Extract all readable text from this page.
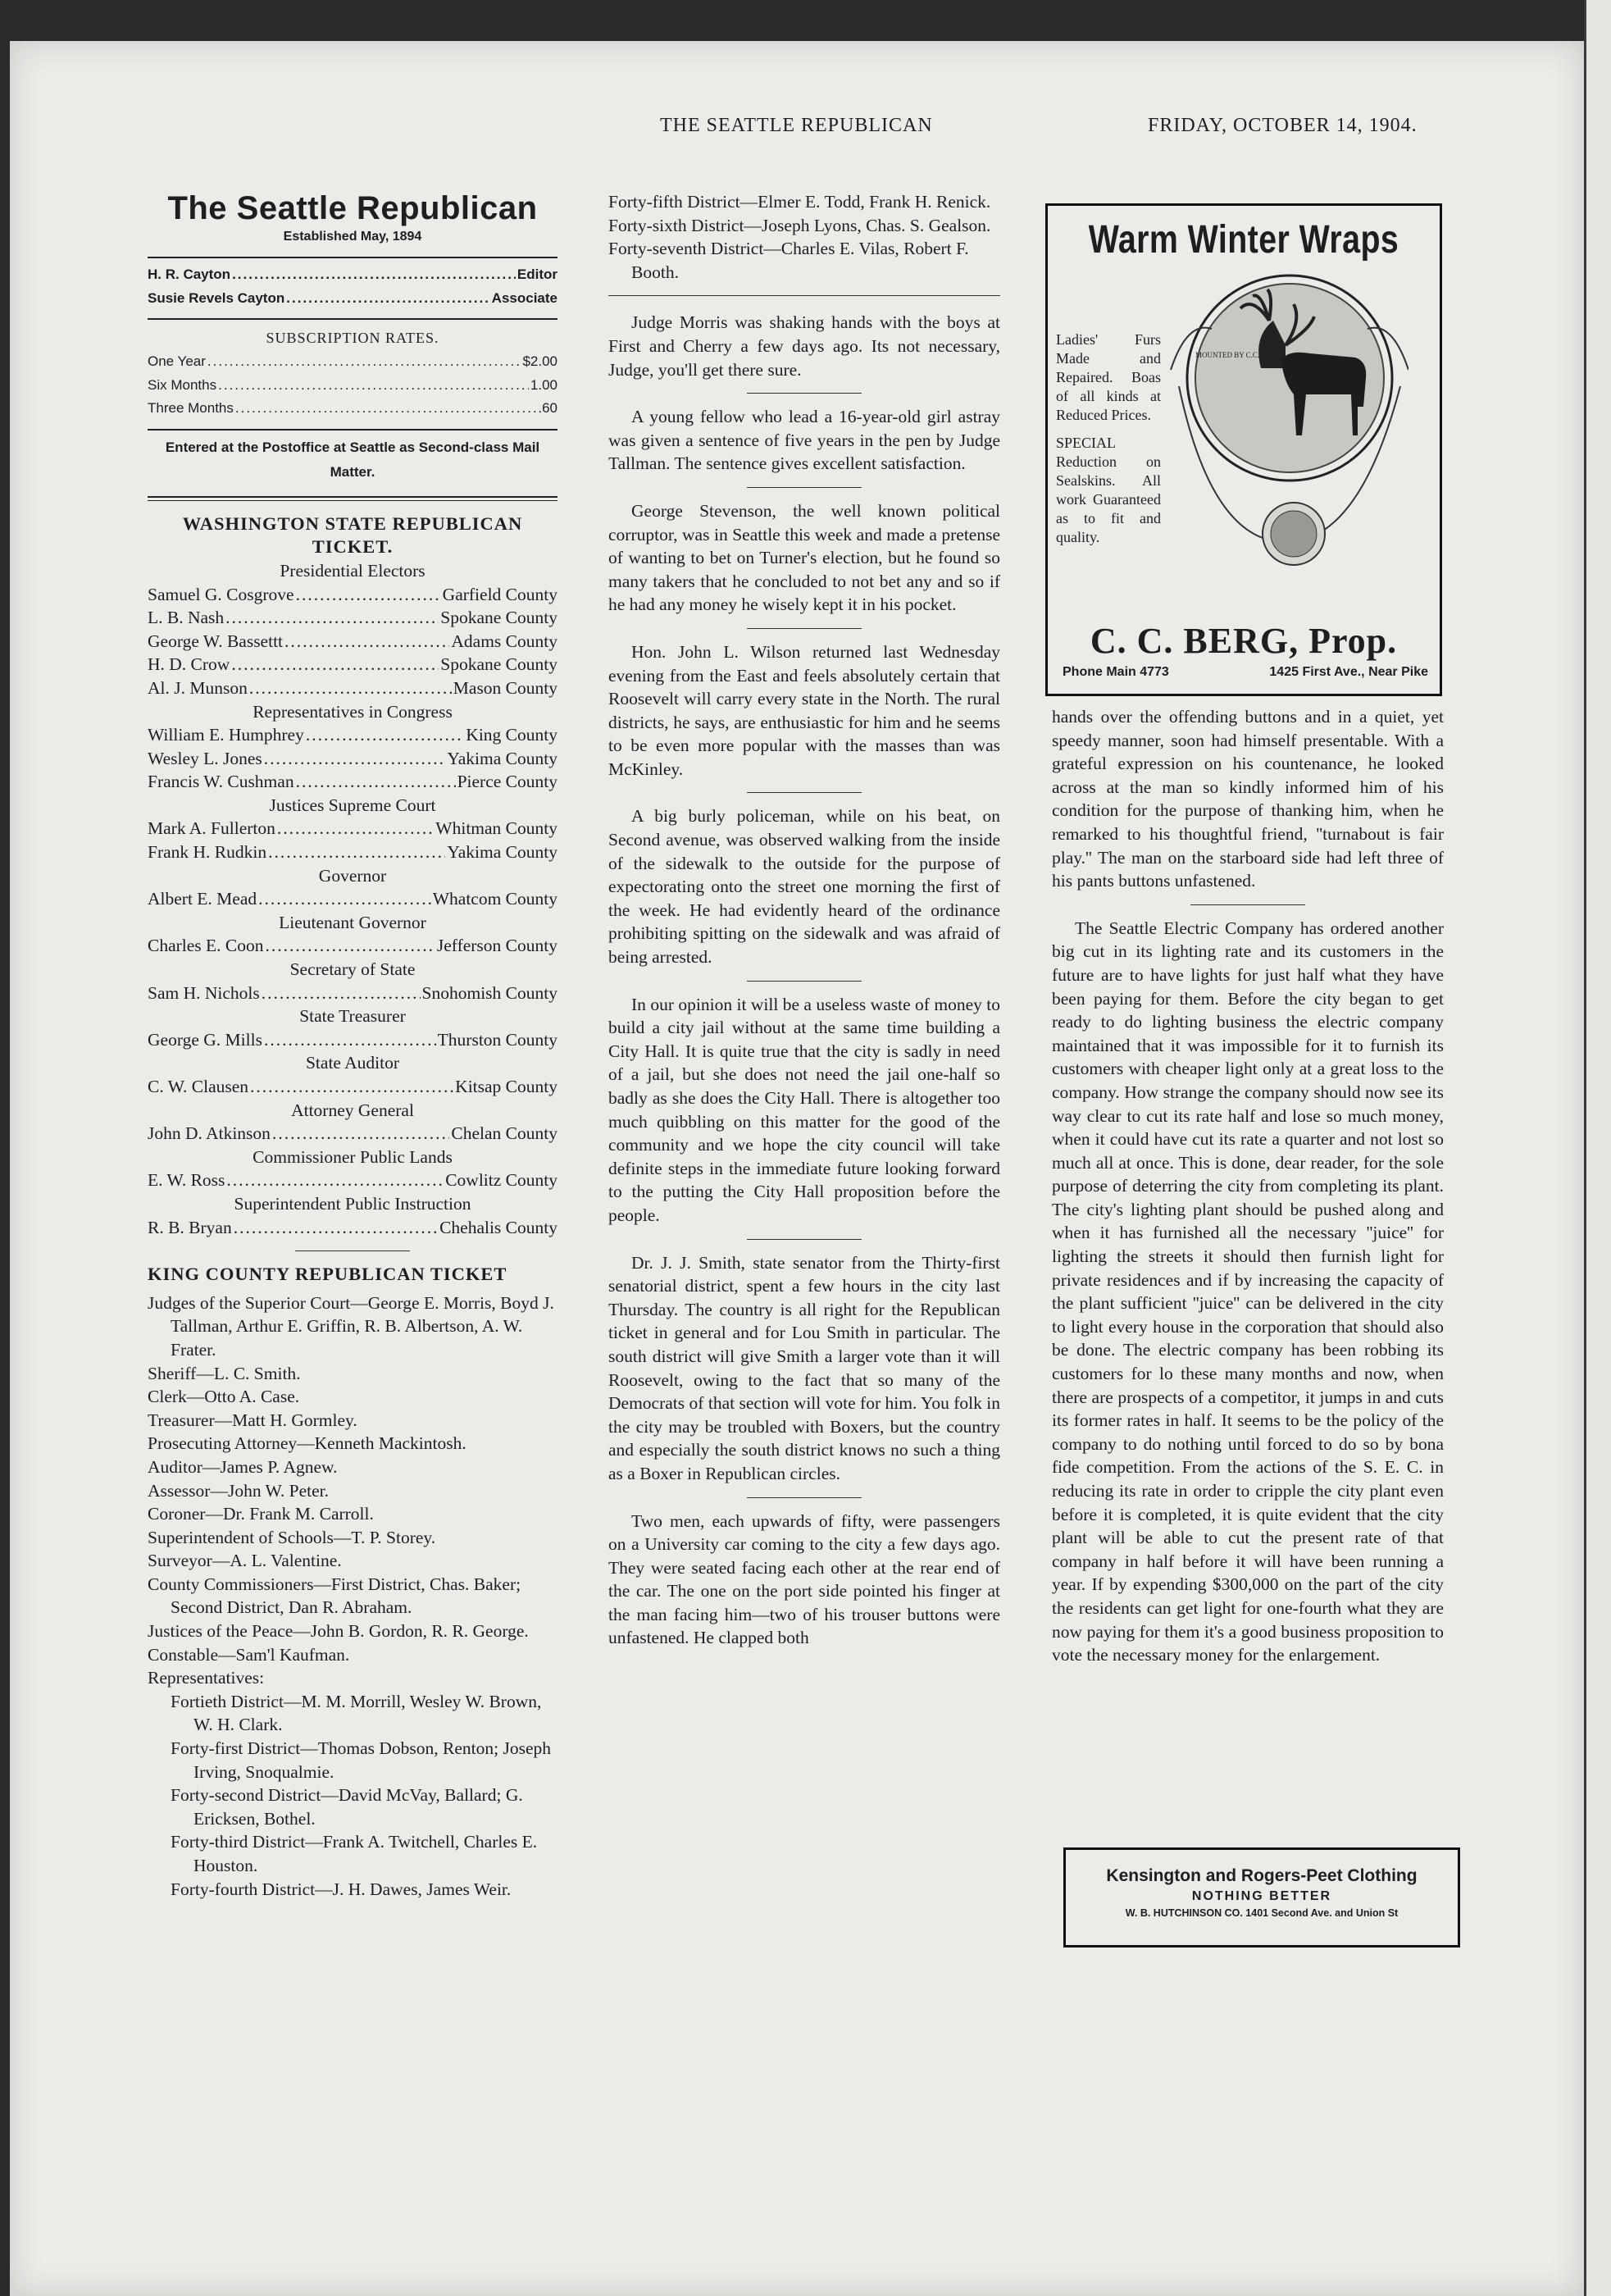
THE SEATTLE REPUBLICAN	FRIDAY, OCTOBER 14, 1904.

The Seattle Republican

Established May, 1894

H. R. Cayton .....	Editor
Susie Revels Cayton .....	Associate

SUBSCRIPTION RATES.

One Year .....	$2.00
Six Months .....	1.00
Three Months .....	.60

Entered at the Postoffice at Seattle as Second-class Mail Matter.

WASHINGTON STATE REPUBLICAN TICKET.

Presidential Electors

Samuel G. Cosgrove .....	Garfield County
L. B. Nash .....	Spokane County
George W. Bassettt .....	Adams County
H. D. Crow .....	Spokane County
Al. J. Munson .....	Mason County

Representatives in Congress

William E. Humphrey .....	King County
Wesley L. Jones .....	Yakima County
Francis W. Cushman .....	Pierce County

Justices Supreme Court

Mark A. Fullerton .....	Whitman County
Frank H. Rudkin .....	Yakima County

Governor

Albert E. Mead .....	Whatcom County

Lieutenant Governor

Charles E. Coon .....	Jefferson County

Secretary of State

Sam H. Nichols .....	Snohomish County

State Treasurer

George G. Mills .....	Thurston County

State Auditor

C. W. Clausen .....	Kitsap County

Attorney General

John D. Atkinson .....	Chelan County

Commissioner Public Lands

E. W. Ross .....	Cowlitz County

Superintendent Public Instruction

R. B. Bryan .....	Chehalis County

KING COUNTY REPUBLICAN TICKET

Judges of the Superior Court—George E. Morris, Boyd J. Tallman, Arthur E. Griffin, R. B. Albertson, A. W. Frater.

Sheriff—L. C. Smith.

Clerk—Otto A. Case.

Treasurer—Matt H. Gormley.

Prosecuting Attorney—Kenneth Mackintosh.

Auditor—James P. Agnew.

Assessor—John W. Peter.

Coroner—Dr. Frank M. Carroll.

Superintendent of Schools—T. P. Storey.

Surveyor—A. L. Valentine.

County Commissioners—First District, Chas. Baker; Second District, Dan R. Abraham.

Justices of the Peace—John B. Gordon, R. R. George.

Constable—Sam'l Kaufman.

Representatives:

Fortieth District—M. M. Morrill, Wesley W. Brown, W. H. Clark.

Forty-first District—Thomas Dobson, Renton; Joseph Irving, Snoqualmie.

Forty-second District—David McVay, Ballard; G. Ericksen, Bothel.

Forty-third District—Frank A. Twitchell, Charles E. Houston.

Forty-fourth District—J. H. Dawes, James Weir.

Forty-fifth District—Elmer E. Todd, Frank H. Renick.

Forty-sixth District—Joseph Lyons, Chas. S. Gealson.

Forty-seventh District—Charles E. Vilas, Robert F. Booth.

Judge Morris was shaking hands with the boys at First and Cherry a few days ago. Its not necessary, Judge, you'll get there sure.

A young fellow who lead a 16-year-old girl astray was given a sentence of five years in the pen by Judge Tallman. The sentence gives excellent satisfaction.

George Stevenson, the well known political corruptor, was in Seattle this week and made a pretense of wanting to bet on Turner's election, but he found so many takers that he concluded to not bet any and so if he had any money he wisely kept it in his pocket.

Hon. John L. Wilson returned last Wednesday evening from the East and feels absolutely certain that Roosevelt will carry every state in the North. The rural districts, he says, are enthusiastic for him and he seems to be even more popular with the masses than was McKinley.

A big burly policeman, while on his beat, on Second avenue, was observed walking from the inside of the sidewalk to the outside for the purpose of expectorating onto the street one morning the first of the week. He had evidently heard of the ordinance prohibiting spitting on the sidewalk and was afraid of being arrested.

In our opinion it will be a useless waste of money to build a city jail without at the same time building a City Hall. It is quite true that the city is sadly in need of a jail, but she does not need the jail one-half so badly as she does the City Hall. There is altogether too much quibbling on this matter for the good of the community and we hope the city council will take definite steps in the immediate future looking forward to the putting the City Hall proposition before the people.

Dr. J. J. Smith, state senator from the Thirty-first senatorial district, spent a few hours in the city last Thursday. The country is all right for the Republican ticket in general and for Lou Smith in particular. The south district will give Smith a larger vote than it will Roosevelt, owing to the fact that so many of the Democrats of that section will vote for him. You folk in the city may be troubled with Boxers, but the country and especially the south district knows no such a thing as a Boxer in Republican circles.

Two men, each upwards of fifty, were passengers on a University car coming to the city a few days ago. They were seated facing each other at the rear end of the car. The one on the port side pointed his finger at the man facing him—two of his trouser buttons were unfastened. He clapped both

Warm Winter Wraps
Ladies' Furs Made and Repaired. Boas of all kinds at Reduced Prices.
SPECIAL Reduction on Sealskins. All work Guaranteed as to fit and quality.
MOUNTED BY C.C. BERG
C. C. BERG, Prop.
Phone Main 4773	1425 First Ave., Near Pike

hands over the offending buttons and in a quiet, yet speedy manner, soon had himself presentable. With a grateful expression on his countenance, he looked across at the man so kindly informed him of his condition for the purpose of thanking him, when he remarked to his thoughtful friend, ''turnabout is fair play.'' The man on the starboard side had left three of his pants buttons unfastened.

The Seattle Electric Company has ordered another big cut in its lighting rate and its customers in the future are to have lights for just half what they have been paying for them. Before the city began to get ready to do lighting business the electric company maintained that it was impossible for it to furnish its customers with cheaper light only at a great loss to the company. How strange the company should now see its way clear to cut its rate half and lose so much money, when it could have cut its rate a quarter and not lost so much all at once. This is done, dear reader, for the sole purpose of deterring the city from completing its plant. The city's lighting plant should be pushed along and when it has furnished all the necessary ''juice'' for lighting the streets it should then furnish light for private residences and if by increasing the capacity of the plant sufficient ''juice'' can be delivered in the city to light every house in the corporation that should also be done. The electric company has been robbing its customers for lo these many months and now, when there are prospects of a competitor, it jumps in and cuts its former rates in half. It seems to be the policy of the company to do nothing until forced to do so by bona fide competition. From the actions of the S. E. C. in reducing its rate in order to cripple the city plant even before it is completed, it is quite evident that the city plant will be able to cut the present rate of that company in half before it will have been running a year. If by expending $300,000 on the part of the city the residents can get light for one-fourth what they are now paying for them it's a good business proposition to vote the necessary money for the enlargement.

Kensington and Rogers-Peet Clothing
NOTHING BETTER
W. B. HUTCHINSON CO. 1401 Second Ave. and Union St
